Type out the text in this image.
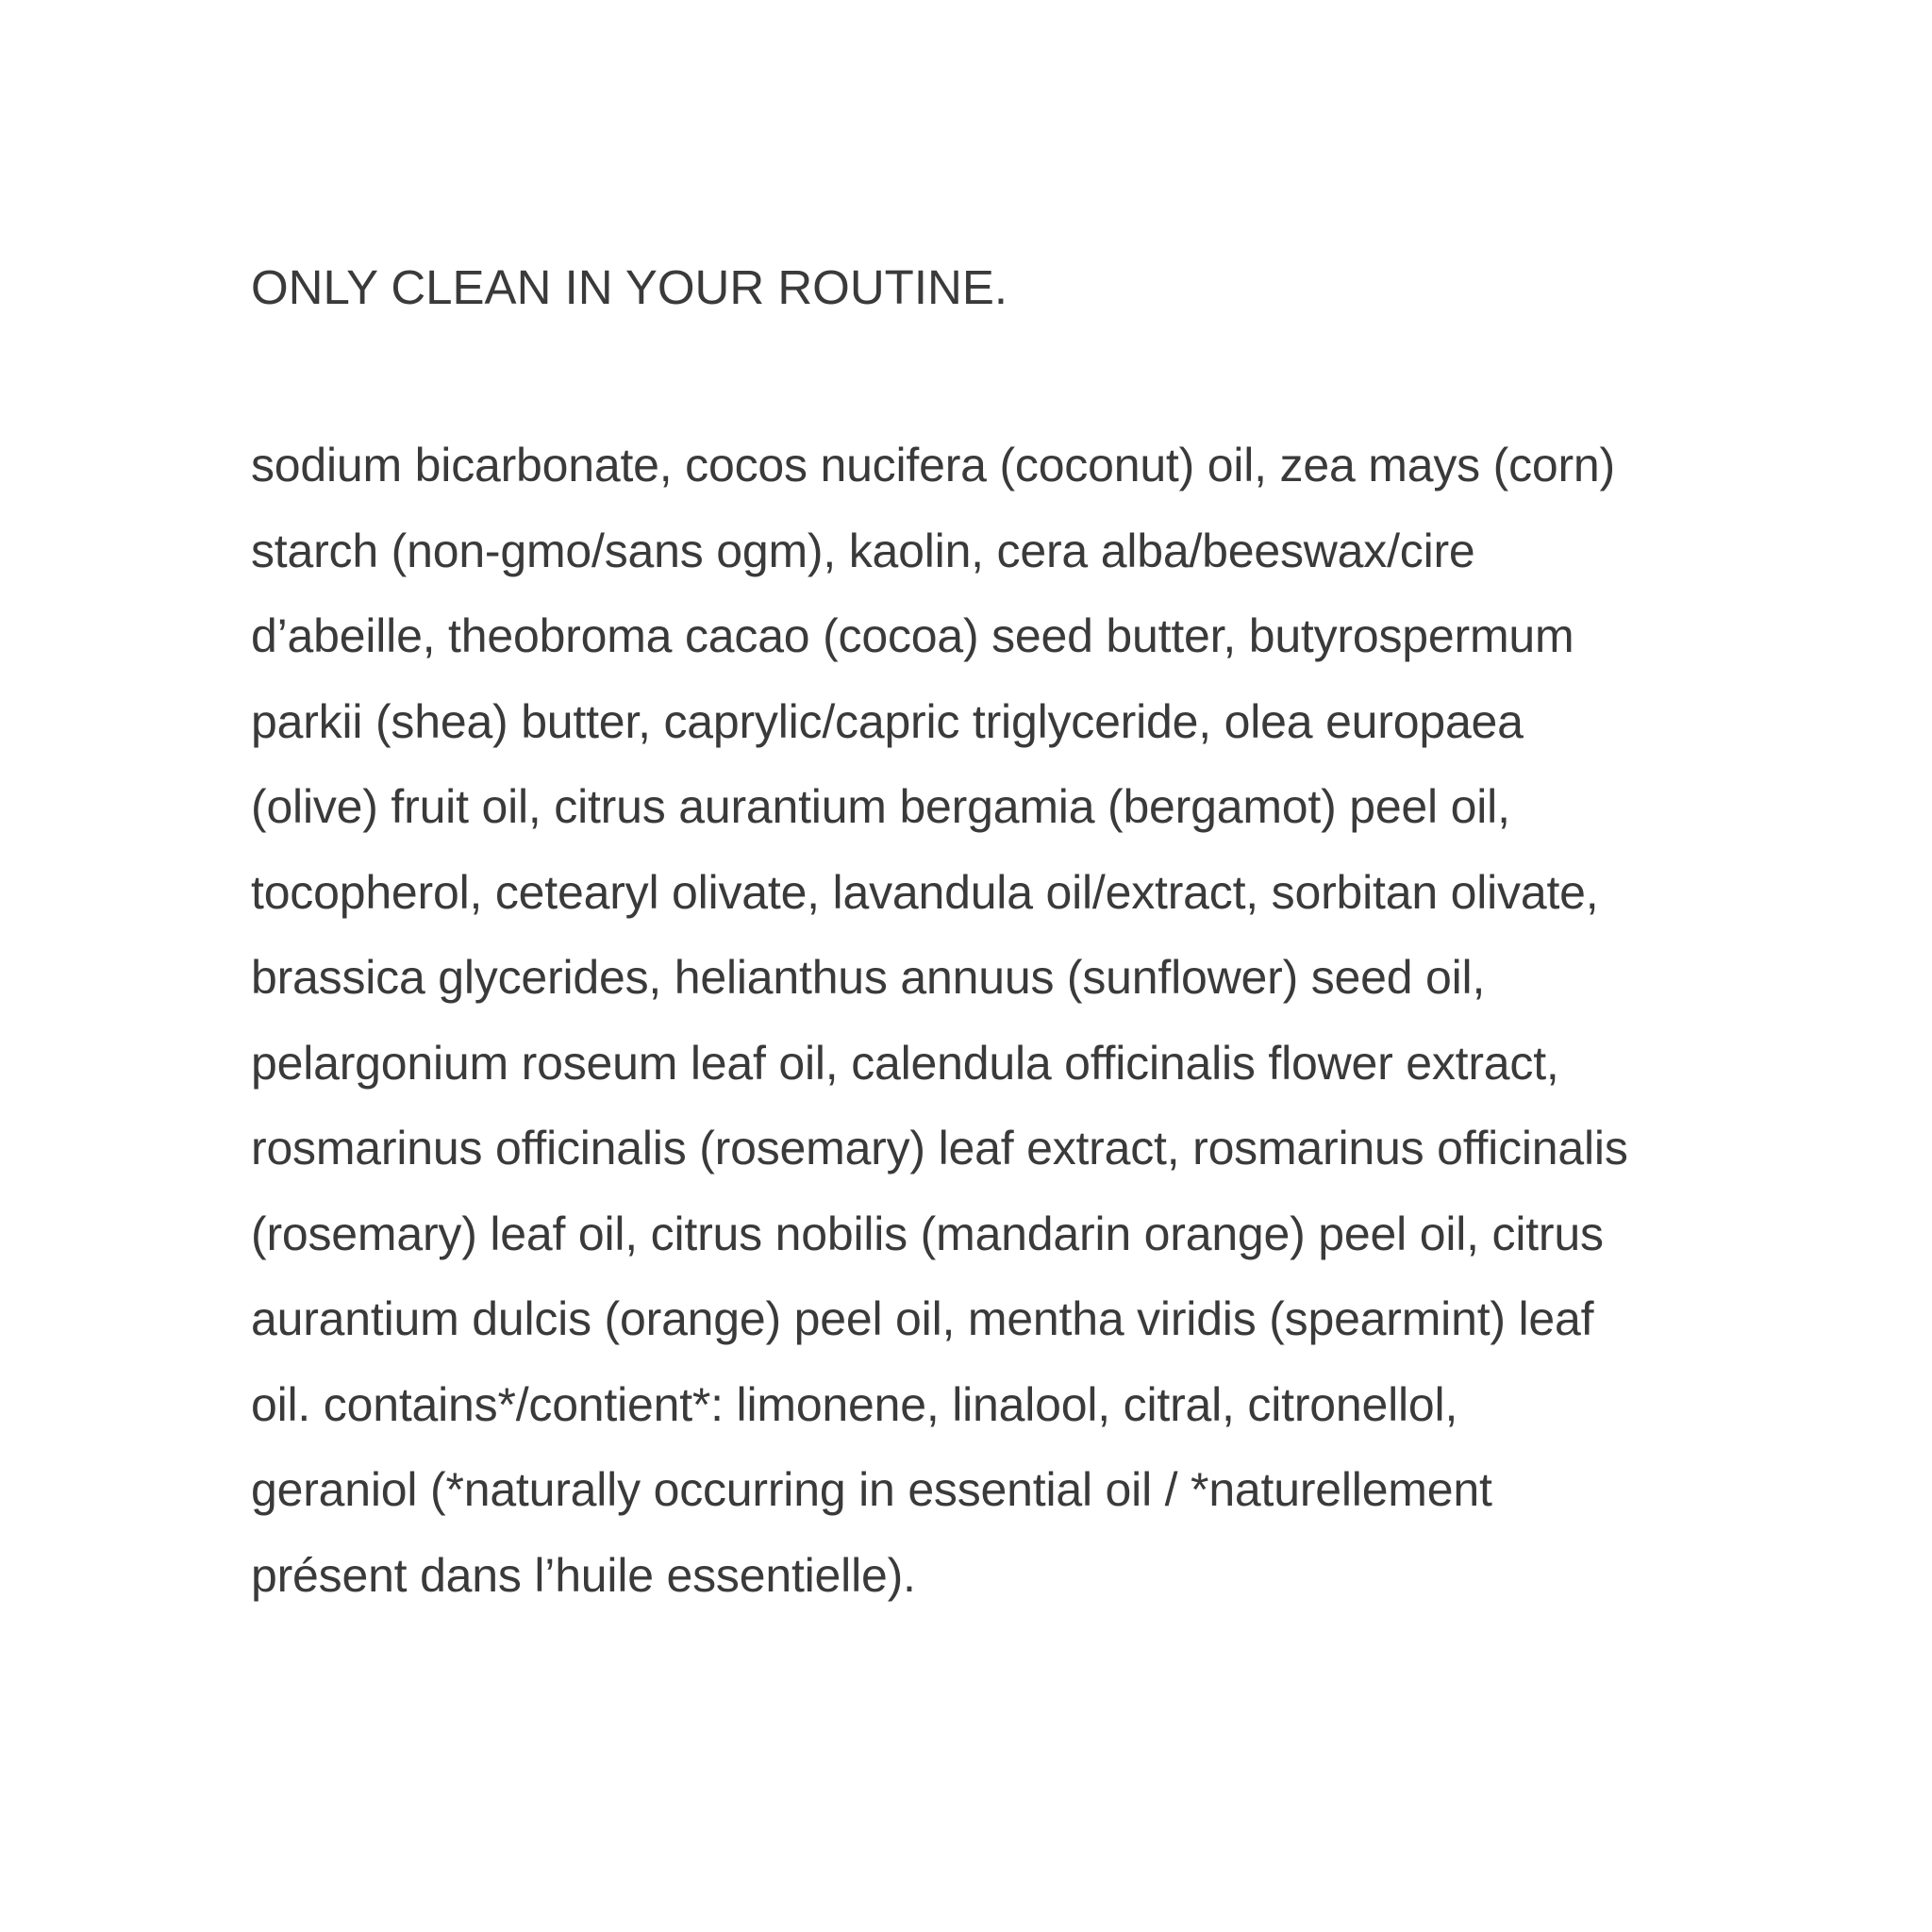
ONLY CLEAN IN YOUR ROUTINE.
sodium bicarbonate, cocos nucifera (coconut) oil, zea mays (corn)
starch (non-gmo/sans ogm), kaolin, cera alba/beeswax/cire
d’abeille, theobroma cacao (cocoa) seed butter, butyrospermum
parkii (shea) butter, caprylic/capric triglyceride, olea europaea
(olive) fruit oil, citrus aurantium bergamia (bergamot) peel oil,
tocopherol, cetearyl olivate, lavandula oil/extract, sorbitan olivate,
brassica glycerides, helianthus annuus (sunflower) seed oil,
pelargonium roseum leaf oil, calendula officinalis flower extract,
rosmarinus officinalis (rosemary) leaf extract, rosmarinus officinalis
(rosemary) leaf oil, citrus nobilis (mandarin orange) peel oil, citrus
aurantium dulcis (orange) peel oil, mentha viridis (spearmint) leaf
oil. contains*/contient*: limonene, linalool, citral, citronellol,
geraniol (*naturally occurring in essential oil / *naturellement
présent dans l’huile essentielle).
